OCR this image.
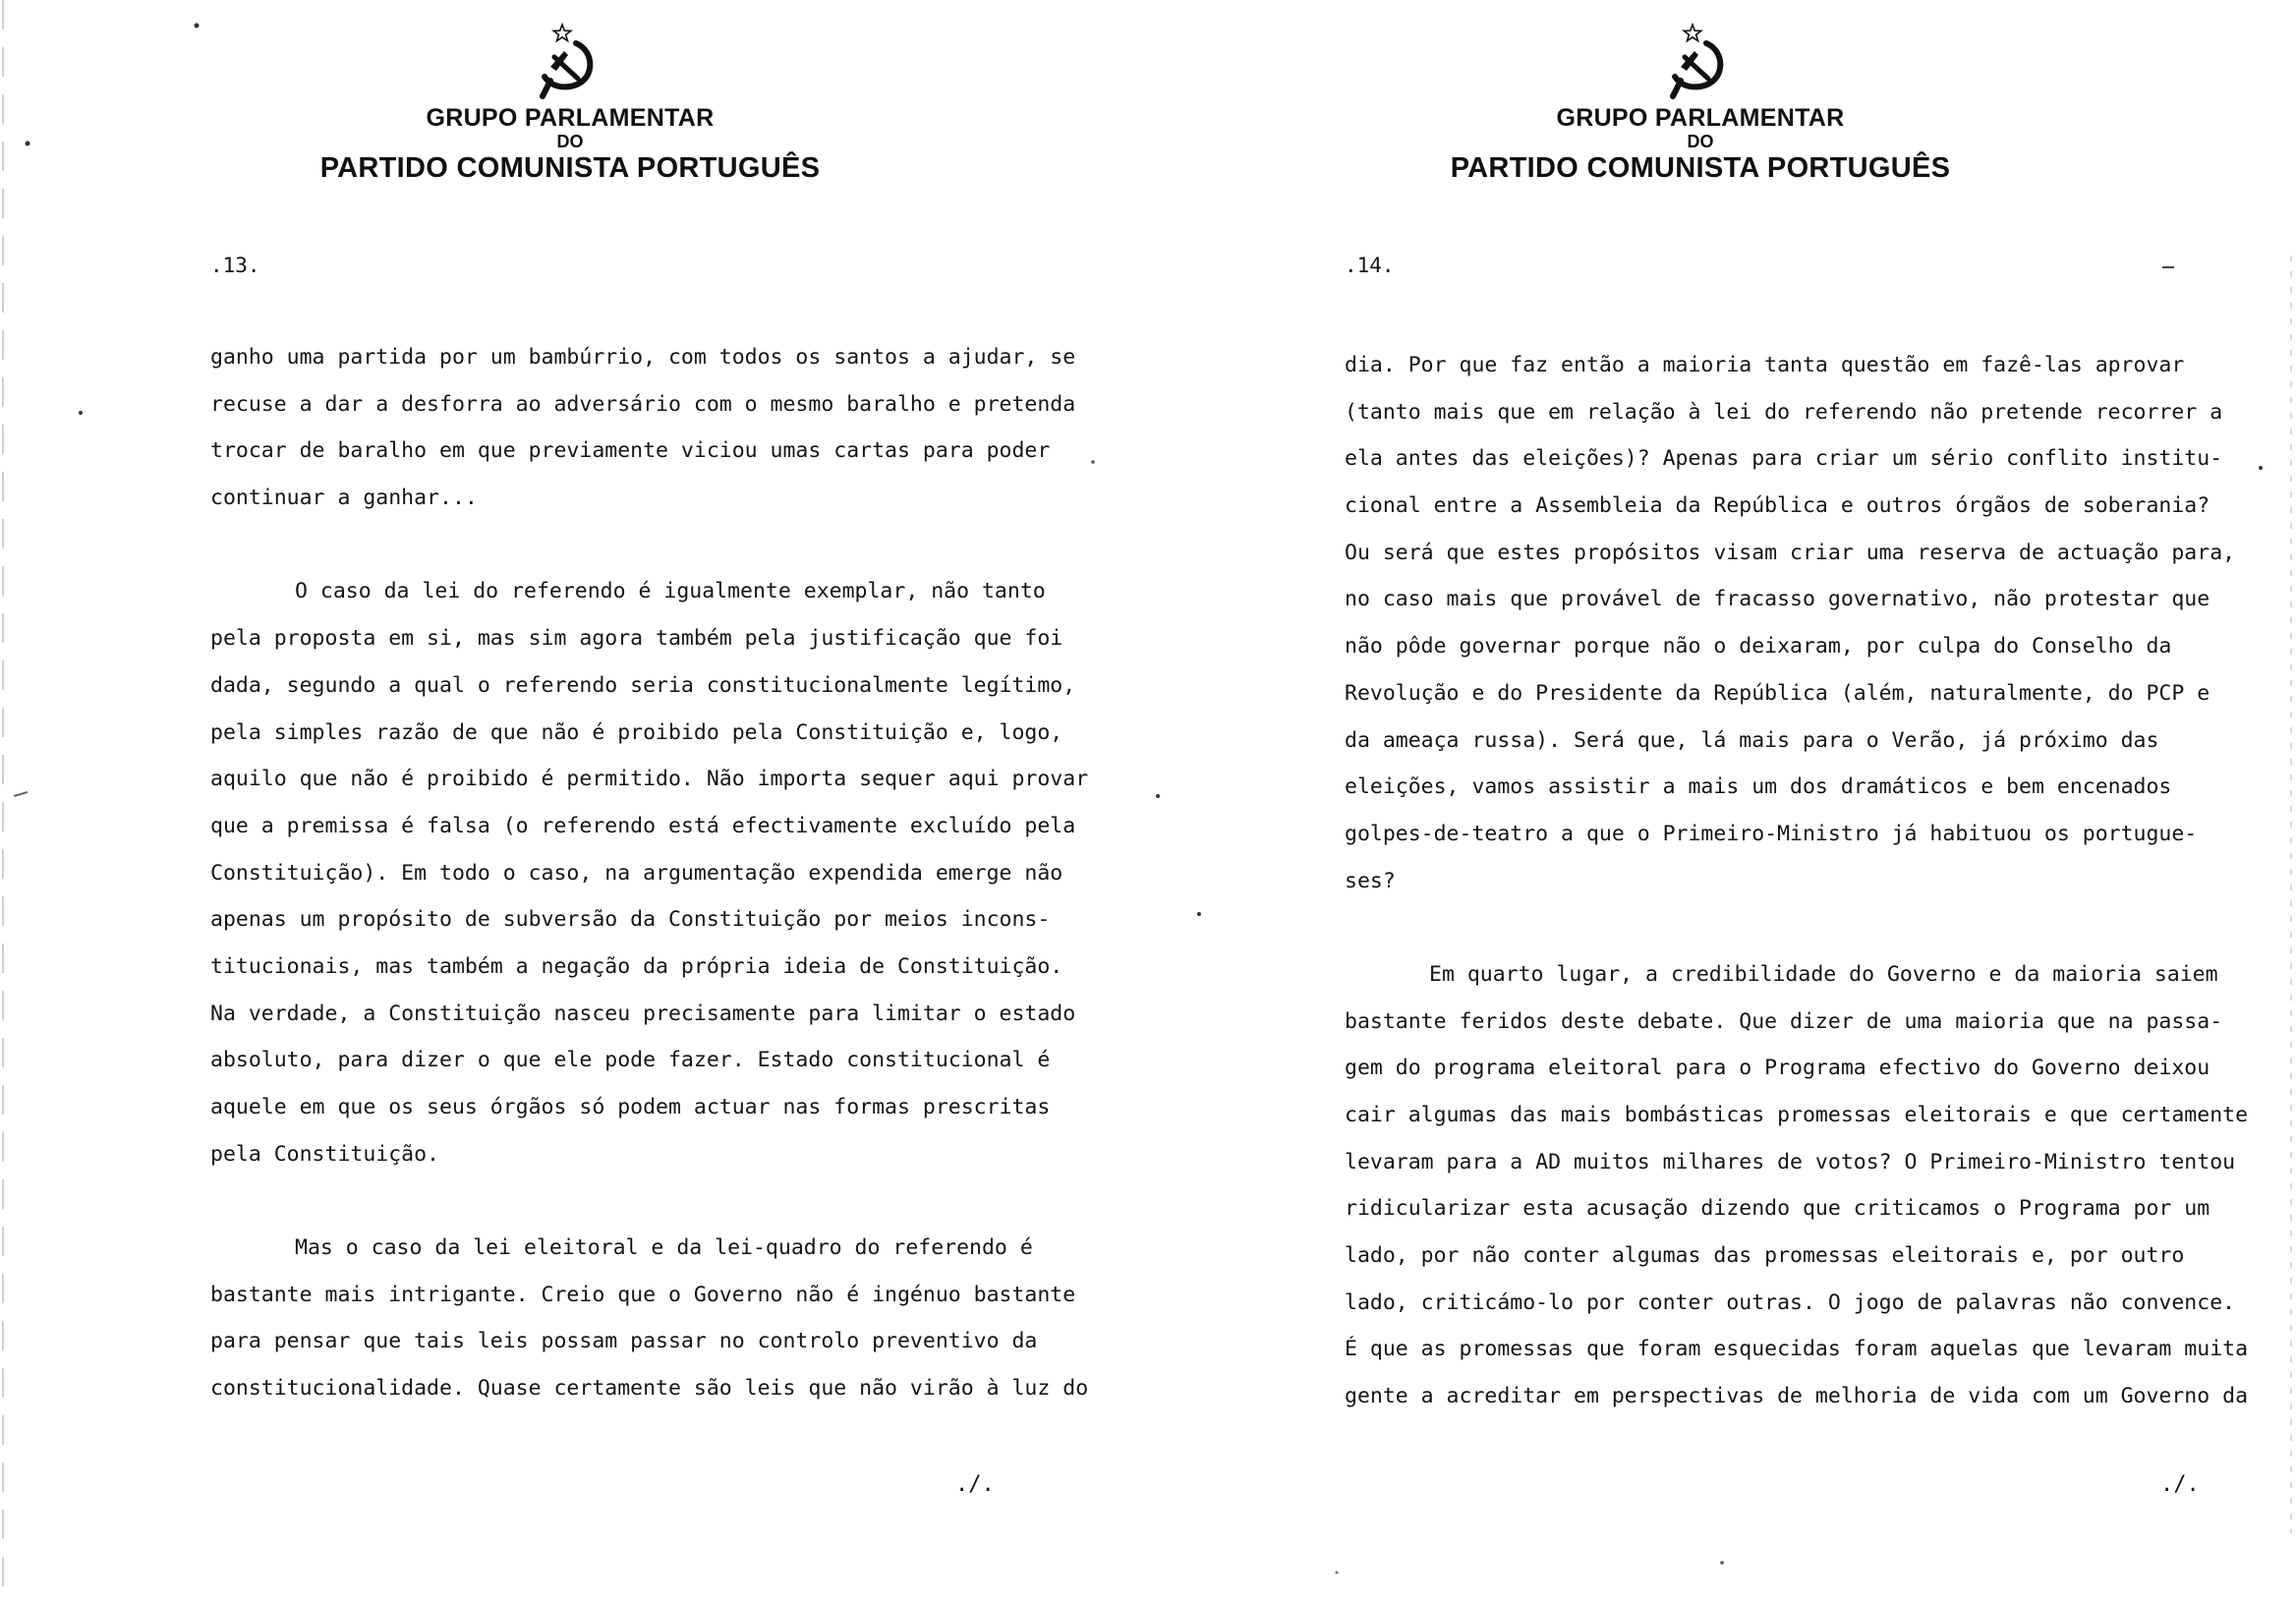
GRUPO PARLAMENTAR
DO
PARTIDO COMUNISTA PORTUGUÊS
.13.
ganho uma partida por um bambúrrio, com todos os santos a ajudar, se
recuse a dar a desforra ao adversário com o mesmo baralho e pretenda
trocar de baralho em que previamente viciou umas cartas para poder
continuar a ganhar...
O caso da lei do referendo é igualmente exemplar, não tanto
pela proposta em si, mas sim agora também pela justificação que foi
dada, segundo a qual o referendo seria constitucionalmente legítimo,
pela simples razão de que não é proibido pela Constituição e, logo,
aquilo que não é proibido é permitido. Não importa sequer aqui provar
que a premissa é falsa (o referendo está efectivamente excluído pela
Constituição). Em todo o caso, na argumentação expendida emerge não
apenas um propósito de subversão da Constituição por meios incons-
titucionais, mas também a negação da própria ideia de Constituição.
Na verdade, a Constituição nasceu precisamente para limitar o estado
absoluto, para dizer o que ele pode fazer. Estado constitucional é
aquele em que os seus órgãos só podem actuar nas formas prescritas
pela Constituição.
Mas o caso da lei eleitoral e da lei-quadro do referendo é
bastante mais intrigante. Creio que o Governo não é ingénuo bastante
para pensar que tais leis possam passar no controlo preventivo da
constitucionalidade. Quase certamente são leis que não virão à luz do
./.
GRUPO PARLAMENTAR
DO
PARTIDO COMUNISTA PORTUGUÊS
.14.
dia. Por que faz então a maioria tanta questão em fazê-las aprovar
(tanto mais que em relação à lei do referendo não pretende recorrer a
ela antes das eleições)? Apenas para criar um sério conflito institu-
cional entre a Assembleia da República e outros órgãos de soberania?
Ou será que estes propósitos visam criar uma reserva de actuação para,
no caso mais que provável de fracasso governativo, não protestar que
não pôde governar porque não o deixaram, por culpa do Conselho da
Revolução e do Presidente da República (além, naturalmente, do PCP e
da ameaça russa). Será que, lá mais para o Verão, já próximo das
eleições, vamos assistir a mais um dos dramáticos e bem encenados
golpes-de-teatro a que o Primeiro-Ministro já habituou os portugue-
ses?
Em quarto lugar, a credibilidade do Governo e da maioria saiem
bastante feridos deste debate. Que dizer de uma maioria que na passa-
gem do programa eleitoral para o Programa efectivo do Governo deixou
cair algumas das mais bombásticas promessas eleitorais e que certamente
levaram para a AD muitos milhares de votos? O Primeiro-Ministro tentou
ridicularizar esta acusação dizendo que criticamos o Programa por um
lado, por não conter algumas das promessas eleitorais e, por outro
lado, criticámo-lo por conter outras. O jogo de palavras não convence.
É que as promessas que foram esquecidas foram aquelas que levaram muita
gente a acreditar em perspectivas de melhoria de vida com um Governo da
./.
